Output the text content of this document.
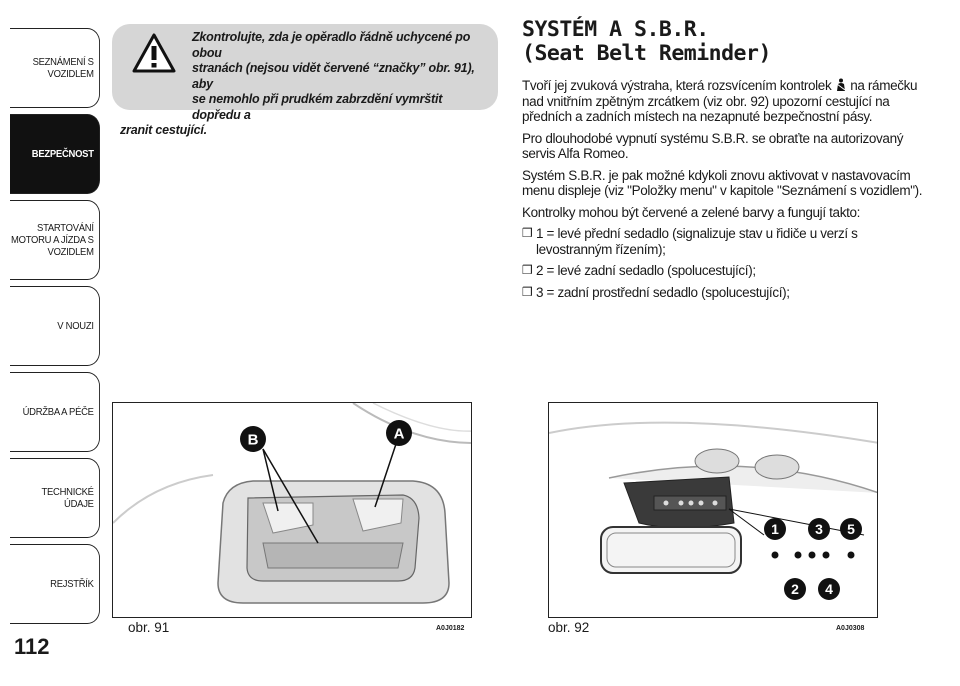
SEZNÁMENÍ S VOZIDLEM
BEZPEČNOST
STARTOVÁNÍ MOTORU A JÍZDA S VOZIDLEM
V NOUZI
ÚDRŽBA A PÉČE
TECHNICKÉ ÚDAJE
REJSTŘÍK
112
Zkontrolujte, zda je opěradlo řádně uchycené po obou
stranách (nejsou vidět červené “značky” obr. 91), aby
se nemohlo při prudkém zabrzdění vymrštit dopředu a
zranit cestující.
SYSTÉM A S.B.R.
(Seat Belt Reminder)

Tvoří jej zvuková výstraha, která rozsvícením kontrolek na rámečku nad vnitřním zpětným zrcátkem (viz obr. 92) upozorní cestující na předních a zadních místech na nezapnuté bezpečnostní pásy.

Pro dlouhodobé vypnutí systému S.B.R. se obraťte na autorizovaný servis Alfa Romeo.

Systém S.B.R. je pak možné kdykoli znovu aktivovat v nastavovacím menu displeje (viz "Položky menu" v kapitole "Seznámení s vozidlem").

Kontrolky mohou být červené a zelené barvy a fungují takto:

❒ 1 = levé přední sedadlo (signalizuje stav u řidiče u verzí s levostranným řízením);
❒ 2 = levé zadní sedadlo (spolucestující);
❒ 3 = zadní prostřední sedadlo (spolucestující);
B	A
obr. 91	A0J0182
1
2
3
4
5
obr. 92	A0J0308
